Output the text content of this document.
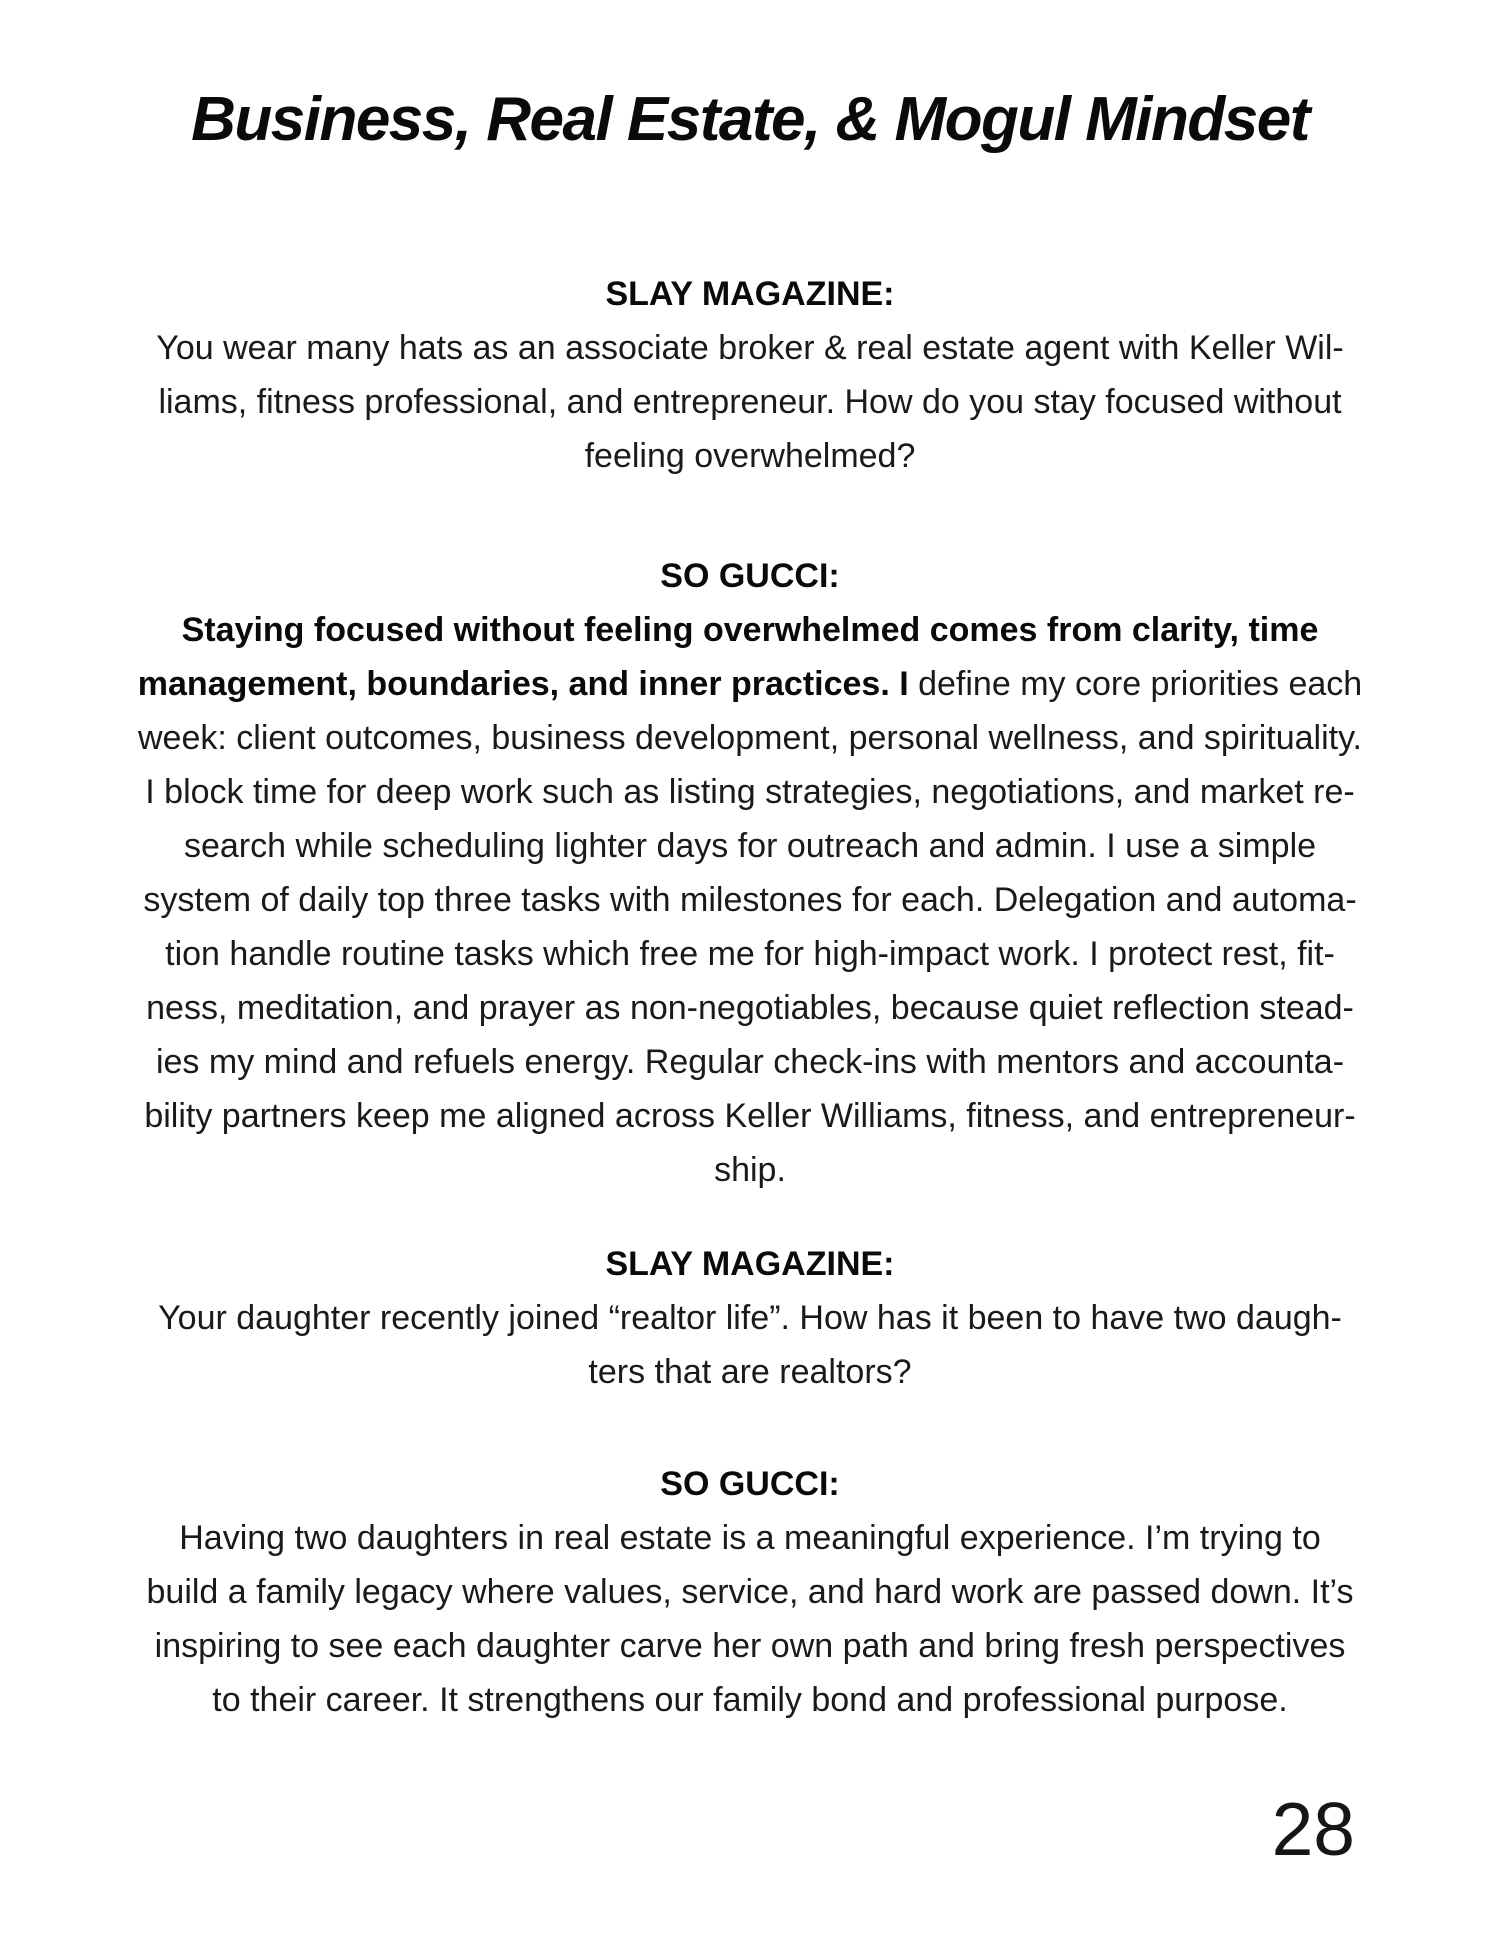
Business, Real Estate, & Mogul Mindset
SLAY MAGAZINE:
You wear many hats as an associate broker & real estate agent with Keller Wil-
liams, fitness professional, and entrepreneur. How do you stay focused without
feeling overwhelmed?
SO GUCCI:
Staying focused without feeling overwhelmed comes from clarity, time
management, boundaries, and inner practices. I define my core priorities each
week: client outcomes, business development, personal wellness, and spirituality.
I block time for deep work such as listing strategies, negotiations, and market re-
search while scheduling lighter days for outreach and admin. I use a simple
system of daily top three tasks with milestones for each. Delegation and automa-
tion handle routine tasks which free me for high-impact work. I protect rest, fit-
ness, meditation, and prayer as non-negotiables, because quiet reflection stead-
ies my mind and refuels energy. Regular check-ins with mentors and accounta-
bility partners keep me aligned across Keller Williams, fitness, and entrepreneur-
ship.
SLAY MAGAZINE:
Your daughter recently joined “realtor life”. How has it been to have two daugh-
ters that are realtors?
SO GUCCI:
Having two daughters in real estate is a meaningful experience. I’m trying to
build a family legacy where values, service, and hard work are passed down. It’s
inspiring to see each daughter carve her own path and bring fresh perspectives
to their career. It strengthens our family bond and professional purpose.
28
